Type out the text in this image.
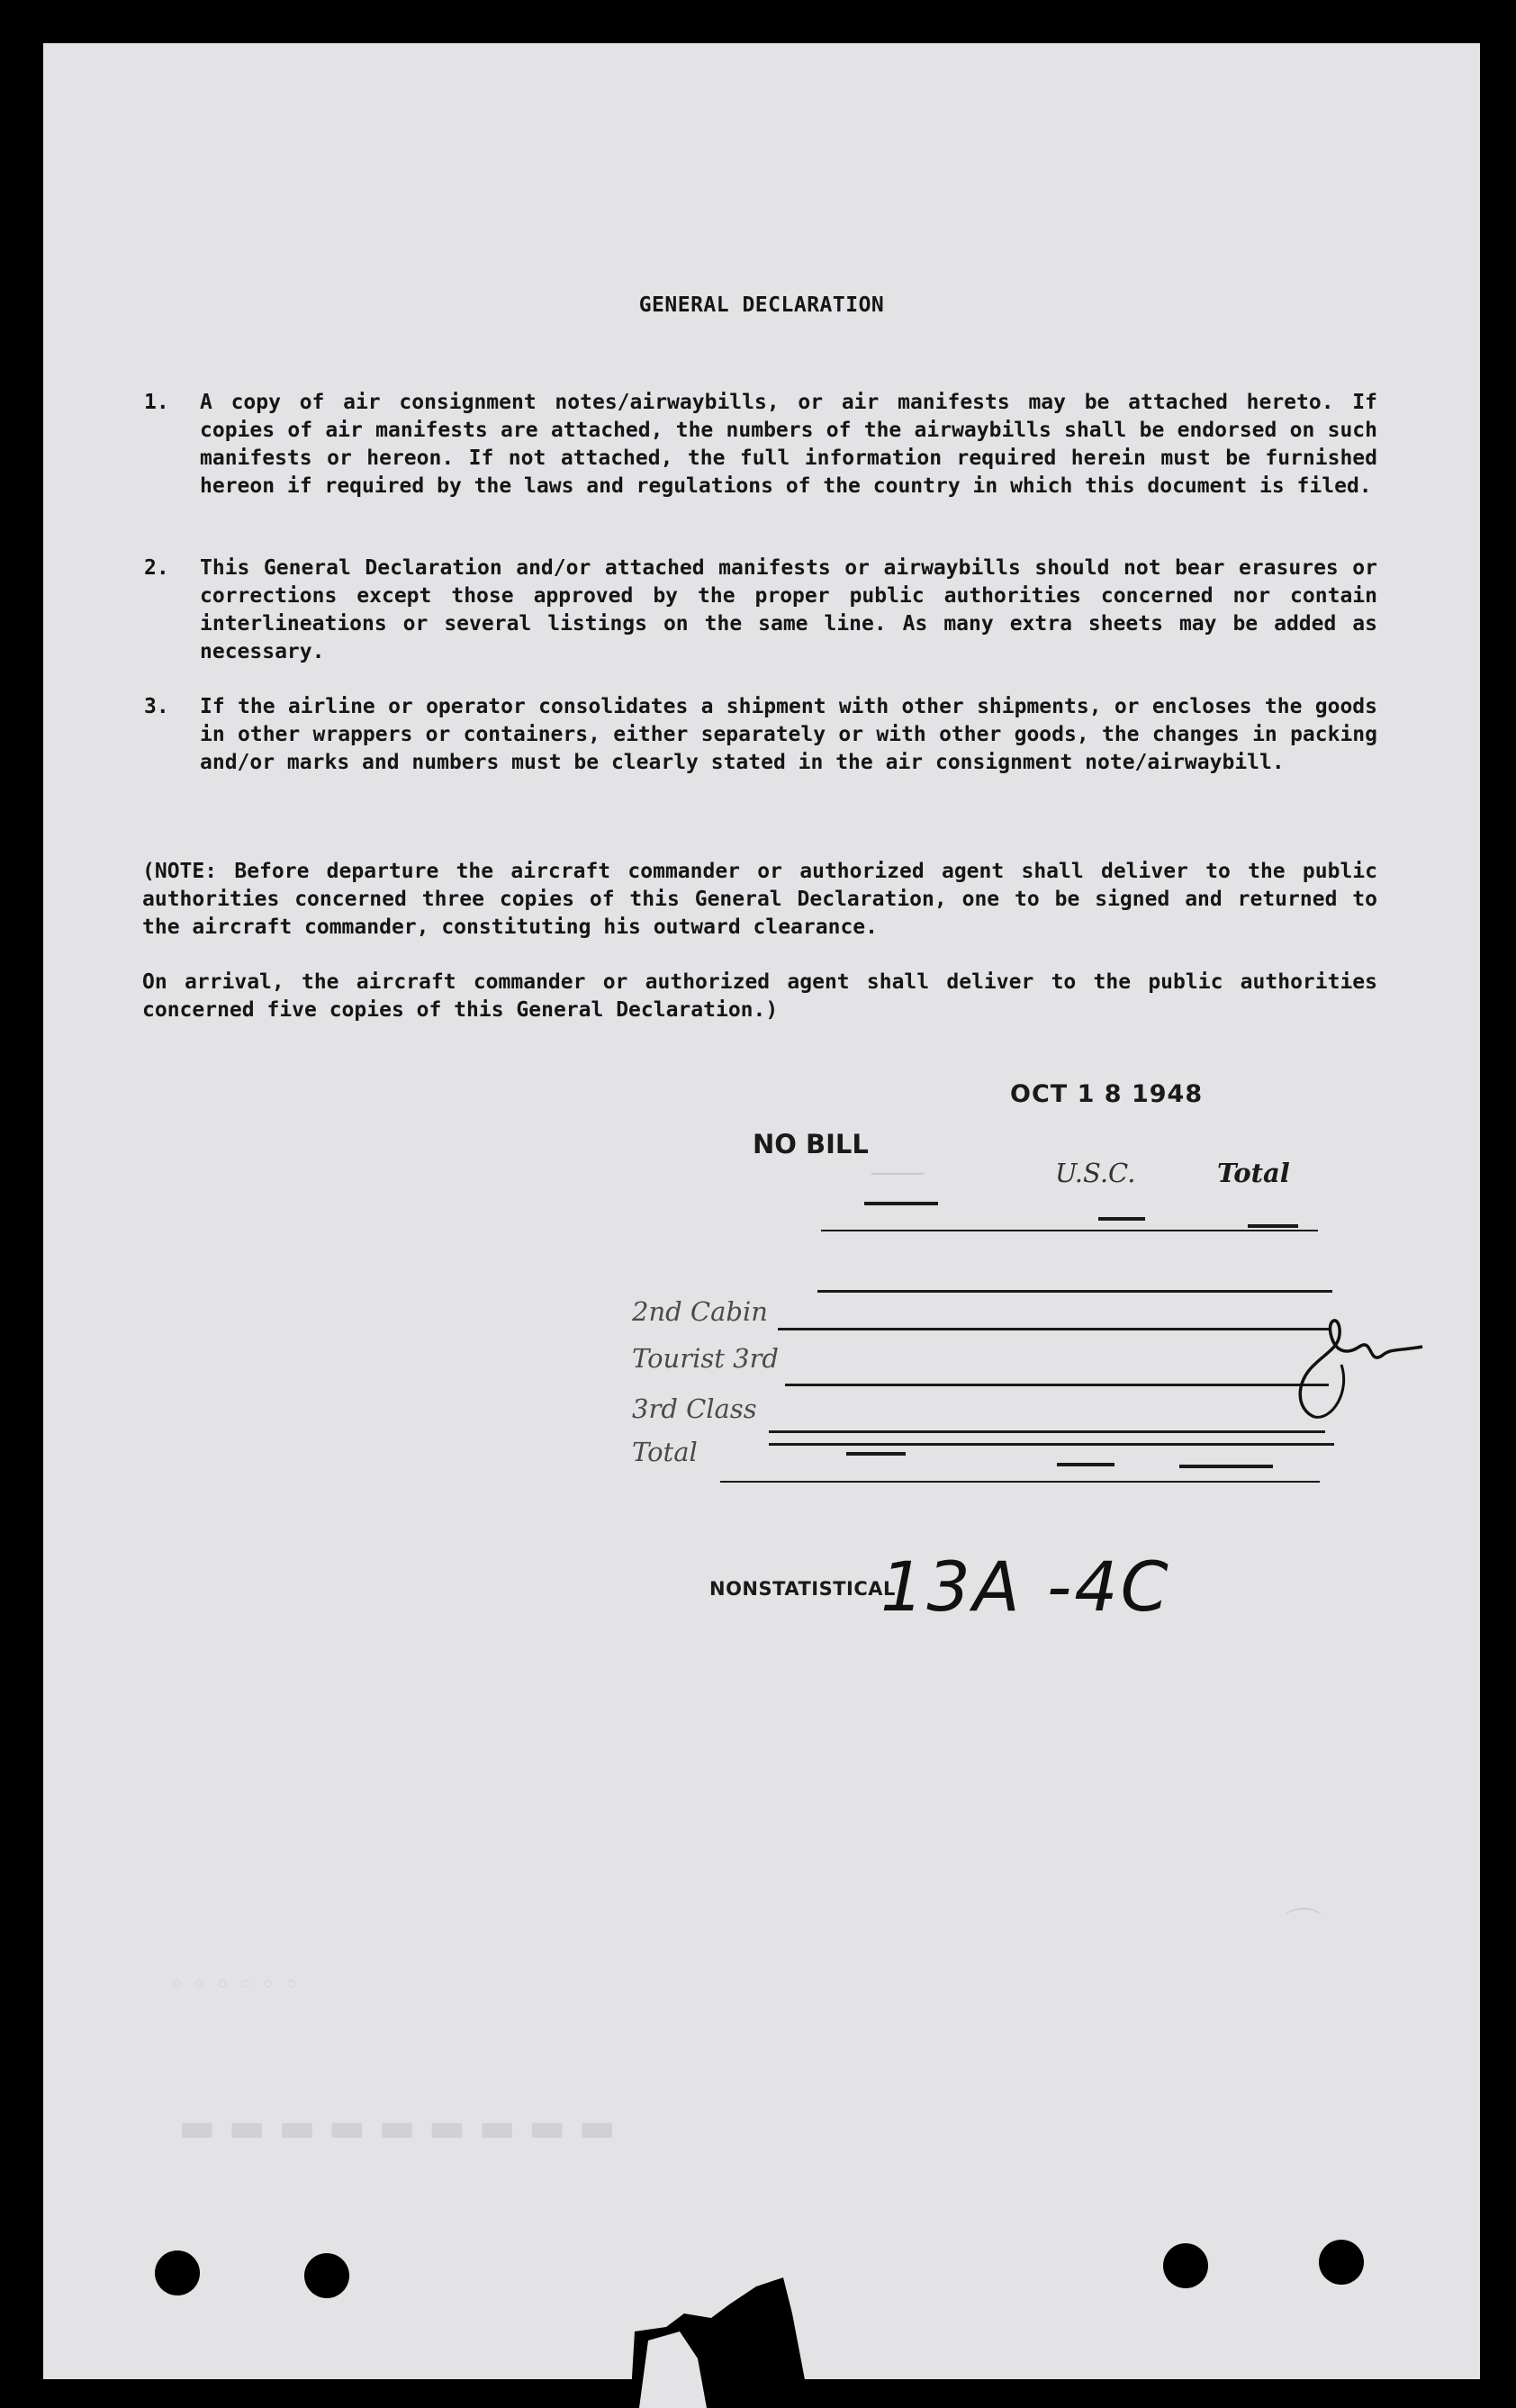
GENERAL DECLARATION
1. A copy of air consignment notes/airwaybills, or air manifests may be attached hereto. If copies of air manifests are attached, the numbers of the airwaybills shall be endorsed on such manifests or hereon. If not attached, the full information required herein must be furnished hereon if required by the laws and regulations of the country in which this document is filed.
2. This General Declaration and/or attached manifests or airwaybills should not bear erasures or corrections except those approved by the proper public authorities concerned nor contain interlineations or several listings on the same line. As many extra sheets may be added as necessary.
3. If the airline or operator consolidates a shipment with other shipments, or encloses the goods in other wrappers or containers, either separately or with other goods, the changes in packing and/or marks and numbers must be clearly stated in the air consignment note/airwaybill.
(NOTE: Before departure the aircraft commander or authorized agent shall deliver to the public authorities concerned three copies of this General Declaration, one to be signed and returned to the aircraft commander, constituting his outward clearance.
On arrival, the aircraft commander or authorized agent shall deliver to the public authorities concerned five copies of this General Declaration.)
OCT 1 8 1948
NO BILL
U.S.C.	Total
────
2nd Cabin
Tourist 3rd
3rd Class
Total
NONSTATISTICAL
13A -4C
◦ ◦ ◦ ◦ ◦ ◦
▬ ▬ ▬ ▬ ▬ ▬ ▬ ▬ ▬
⌒
